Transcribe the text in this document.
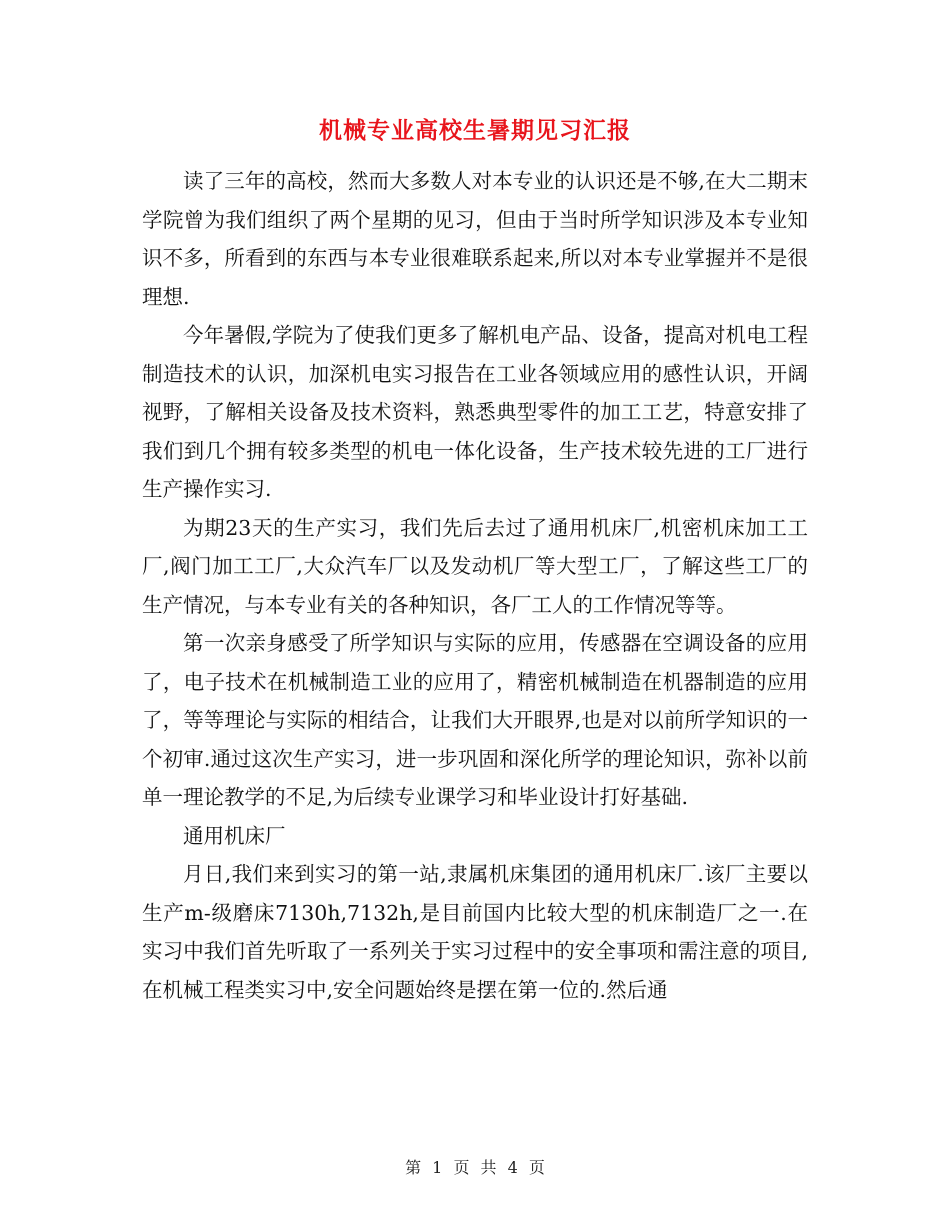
机械专业高校生暑期见习汇报

读了三年的高校，然而大多数人对本专业的认识还是不够,在大二期末学院曾为我们组织了两个星期的见习，但由于当时所学知识涉及本专业知识不多，所看到的东西与本专业很难联系起来,所以对本专业掌握并不是很理想.

今年暑假,学院为了使我们更多了解机电产品、设备，提高对机电工程制造技术的认识，加深机电实习报告在工业各领域应用的感性认识，开阔视野，了解相关设备及技术资料，熟悉典型零件的加工工艺，特意安排了我们到几个拥有较多类型的机电一体化设备，生产技术较先进的工厂进行生产操作实习.

为期23天的生产实习，我们先后去过了通用机床厂,机密机床加工工厂,阀门加工工厂,大众汽车厂以及发动机厂等大型工厂，了解这些工厂的生产情况，与本专业有关的各种知识，各厂工人的工作情况等等。

第一次亲身感受了所学知识与实际的应用，传感器在空调设备的应用了，电子技术在机械制造工业的应用了，精密机械制造在机器制造的应用了，等等理论与实际的相结合，让我们大开眼界,也是对以前所学知识的一个初审.通过这次生产实习，进一步巩固和深化所学的理论知识，弥补以前单一理论教学的不足,为后续专业课学习和毕业设计打好基础.

通用机床厂

月日,我们来到实习的第一站,隶属机床集团的通用机床厂.该厂主要以生产m-级磨床7130h,7132h,是目前国内比较大型的机床制造厂之一.在实习中我们首先听取了一系列关于实习过程中的安全事项和需注意的项目,在机械工程类实习中,安全问题始终是摆在第一位的.然后通

第 1 页 共 4 页
